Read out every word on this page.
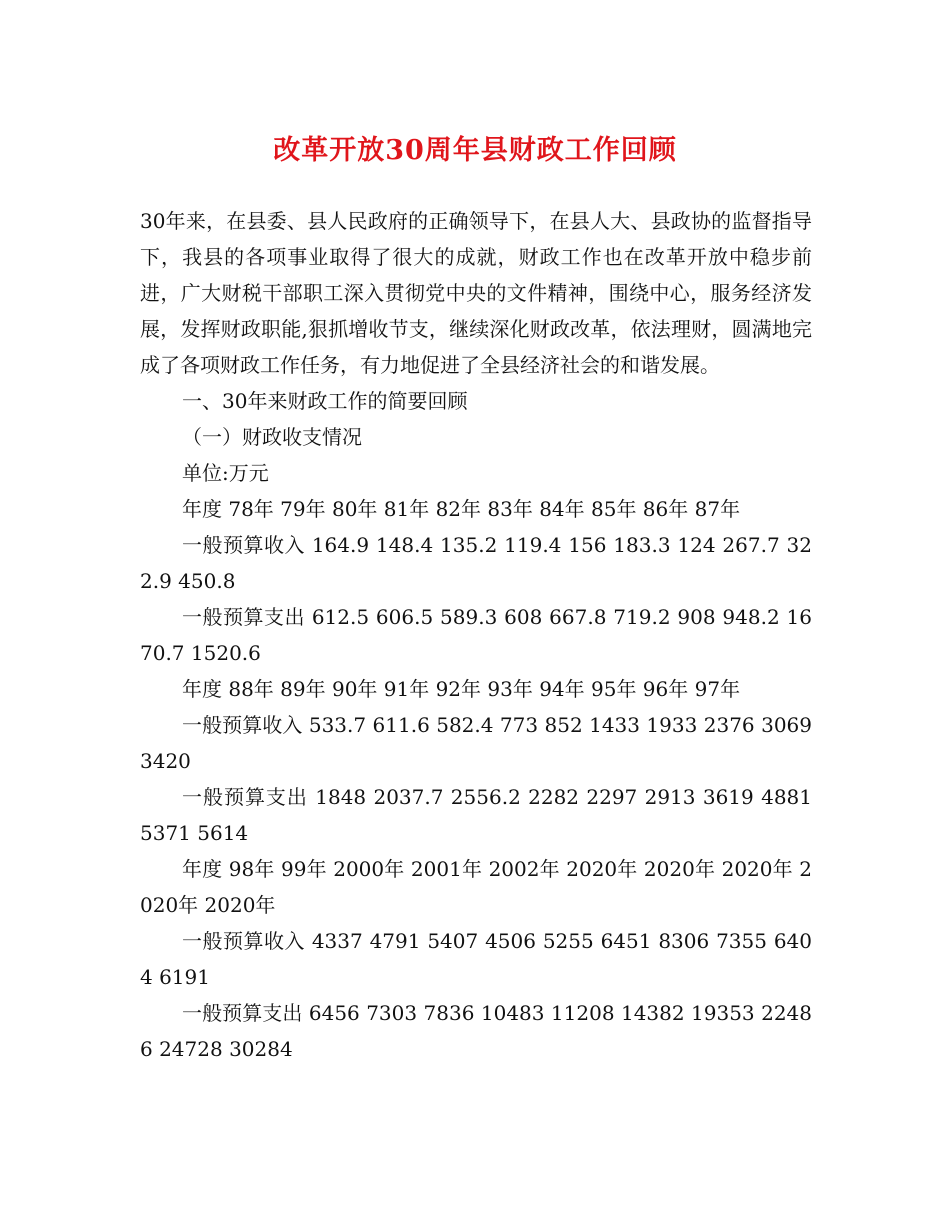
改革开放30周年县财政工作回顾

30年来，在县委、县人民政府的正确领导下，在县人大、县政协的监督指导下，我县的各项事业取得了很大的成就，财政工作也在改革开放中稳步前进，广大财税干部职工深入贯彻党中央的文件精神，围绕中心，服务经济发展，发挥财政职能,狠抓增收节支，继续深化财政改革，依法理财，圆满地完成了各项财政工作任务，有力地促进了全县经济社会的和谐发展。

一、30年来财政工作的简要回顾

（一）财政收支情况

单位:万元

年度 78年 79年 80年 81年 82年 83年 84年 85年 86年 87年

一般预算收入 164.9 148.4 135.2 119.4 156 183.3 124 267.7 322.9 450.8

一般预算支出 612.5 606.5 589.3 608 667.8 719.2 908 948.2 1670.7 1520.6

年度 88年 89年 90年 91年 92年 93年 94年 95年 96年 97年

一般预算收入 533.7 611.6 582.4 773 852 1433 1933 2376 3069 3420

一般预算支出 1848 2037.7 2556.2 2282 2297 2913 3619 4881 5371 5614

年度 98年 99年 2000年 2001年 2002年 2020年 2020年 2020年 2020年 2020年

一般预算收入 4337 4791 5407 4506 5255 6451 8306 7355 6404 6191

一般预算支出 6456 7303 7836 10483 11208 14382 19353 22486 24728 30284
